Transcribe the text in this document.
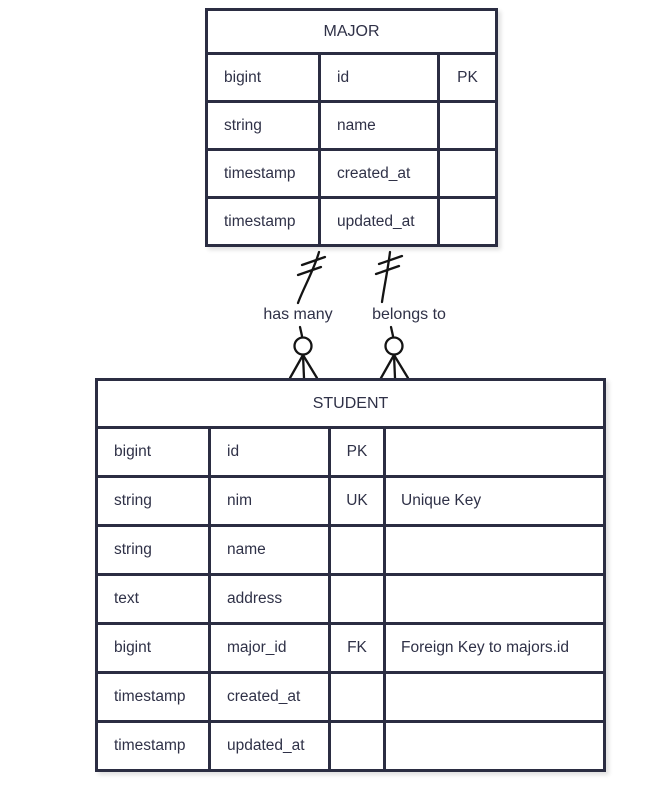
MAJOR		
bigint	id	PK
string	name	
timestamp	created_at	
timestamp	updated_at	
has many belongs to
STUDENT			
bigint	id	PK	
string	nim	UK	Unique Key
string	name		
text	address		
bigint	major_id	FK	Foreign Key to majors.id
timestamp	created_at		
timestamp	updated_at		
